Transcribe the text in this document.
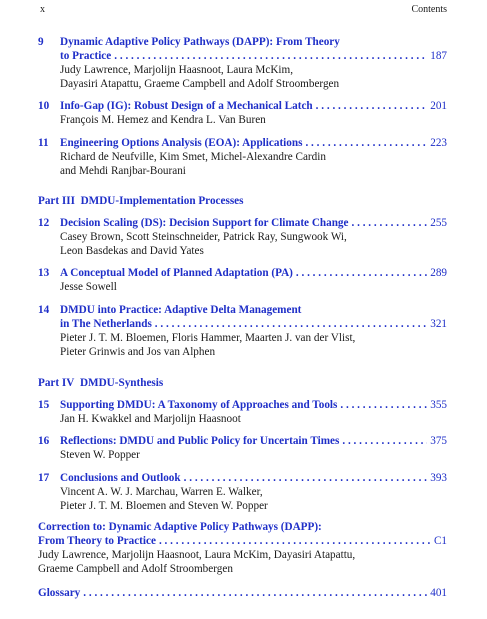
x	Contents
9	Dynamic Adaptive Policy Pathways (DAPP): From Theory
to Practice . . .	187
Judy Lawrence, Marjolijn Haasnoot, Laura McKim,
Dayasiri Atapattu, Graeme Campbell and Adolf Stroombergen
10 Info-Gap (IG): Robust Design of a Mechanical Latch . . .	201
François M. Hemez and Kendra L. Van Buren
11	Engineering Options Analysis (EOA): Applications . . .	223
Richard de Neufville, Kim Smet, Michel-Alexandre Cardin
and Mehdi Ranjbar-Bourani
Part III DMDU-Implementation Processes
12 Decision Scaling (DS): Decision Support for Climate Change . . .	255
Casey Brown, Scott Steinschneider, Patrick Ray, Sungwook Wi,
Leon Basdekas and David Yates
13 A Conceptual Model of Planned Adaptation (PA) . . .	289
Jesse Sowell
14 DMDU into Practice: Adaptive Delta Management
in The Netherlands . . .	321
Pieter J. T. M. Bloemen, Floris Hammer, Maarten J. van der Vlist,
Pieter Grinwis and Jos van Alphen
Part IV DMDU-Synthesis
15 Supporting DMDU: A Taxonomy of Approaches and Tools . . .	355
Jan H. Kwakkel and Marjolijn Haasnoot
16 Reflections: DMDU and Public Policy for Uncertain Times . . .	375
Steven W. Popper
17 Conclusions and Outlook . . .	393
Vincent A. W. J. Marchau, Warren E. Walker,
Pieter J. T. M. Bloemen and Steven W. Popper
Correction to: Dynamic Adaptive Policy Pathways (DAPP):
From Theory to Practice . . .	C1
Judy Lawrence, Marjolijn Haasnoot, Laura McKim, Dayasiri Atapattu,
Graeme Campbell and Adolf Stroombergen
Glossary . . .	401
